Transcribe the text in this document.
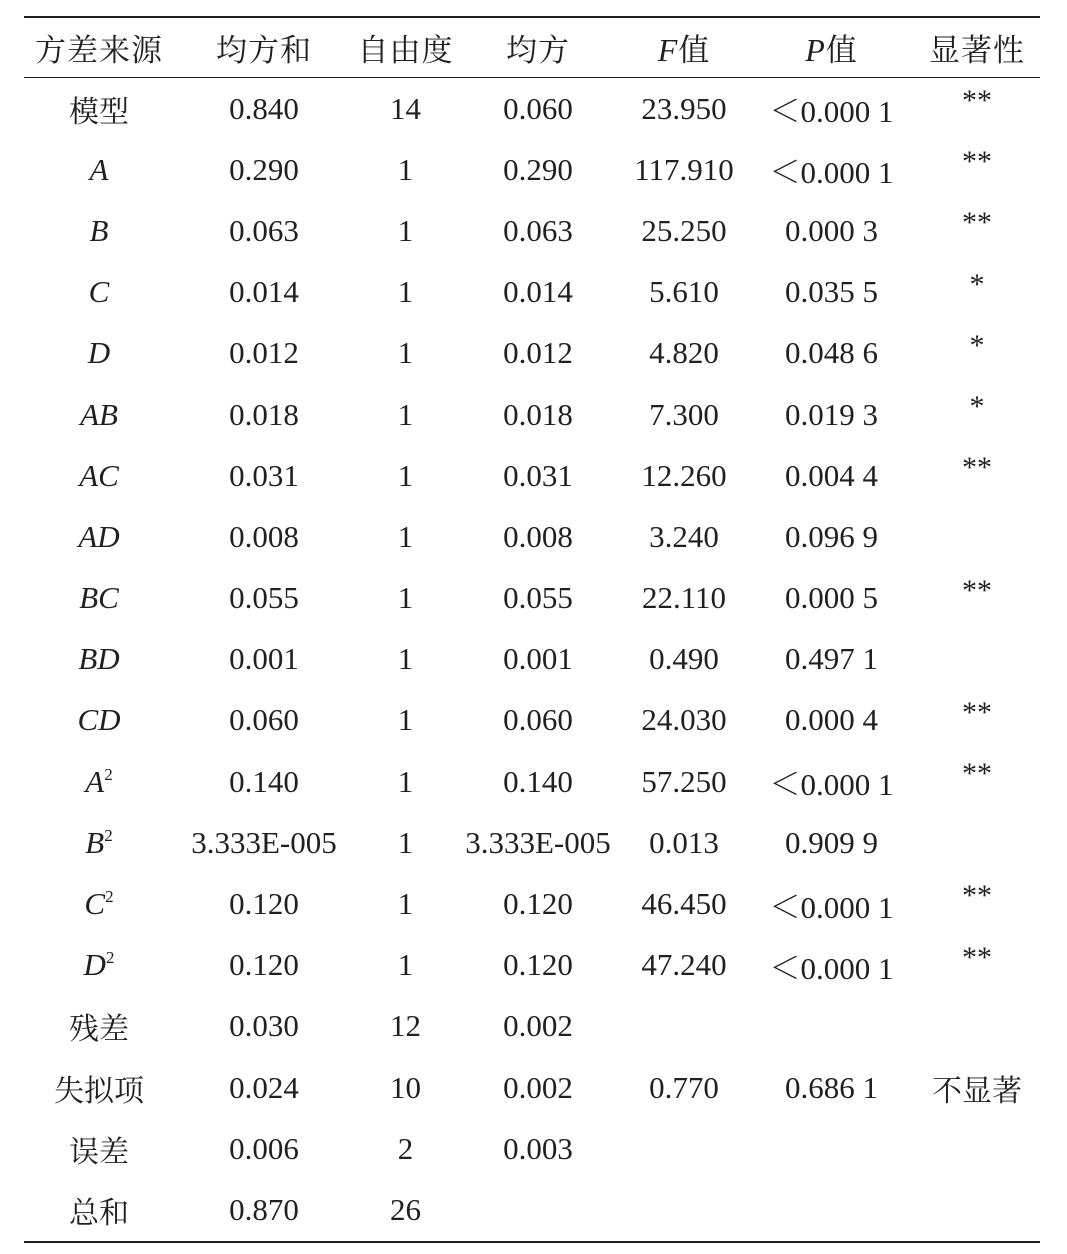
方差来源	均方和	自由度	均方	F值	P值	显著性
模型	0.840	14	0.060	23.950	＜0.000 1	**
A	0.290	1	0.290	117.910	＜0.000 1	**
B	0.063	1	0.063	25.250	0.000 3	**
C	0.014	1	0.014	5.610	0.035 5	*
D	0.012	1	0.012	4.820	0.048 6	*
AB	0.018	1	0.018	7.300	0.019 3	*
AC	0.031	1	0.031	12.260	0.004 4	**
AD	0.008	1	0.008	3.240	0.096 9	
BC	0.055	1	0.055	22.110	0.000 5	**
BD	0.001	1	0.001	0.490	0.497 1	
CD	0.060	1	0.060	24.030	0.000 4	**
$A^2$	0.140	1	0.140	57.250	＜0.000 1	**
$B^2$	3.333E-005	1	3.333E-005	0.013	0.909 9	
$C^2$	0.120	1	0.120	46.450	＜0.000 1	**
$D^2$	0.120	1	0.120	47.240	＜0.000 1	**
残差	0.030	12	0.002			
失拟项	0.024	10	0.002	0.770	0.686 1	不显著
误差	0.006	2	0.003			
总和	0.870	26				
